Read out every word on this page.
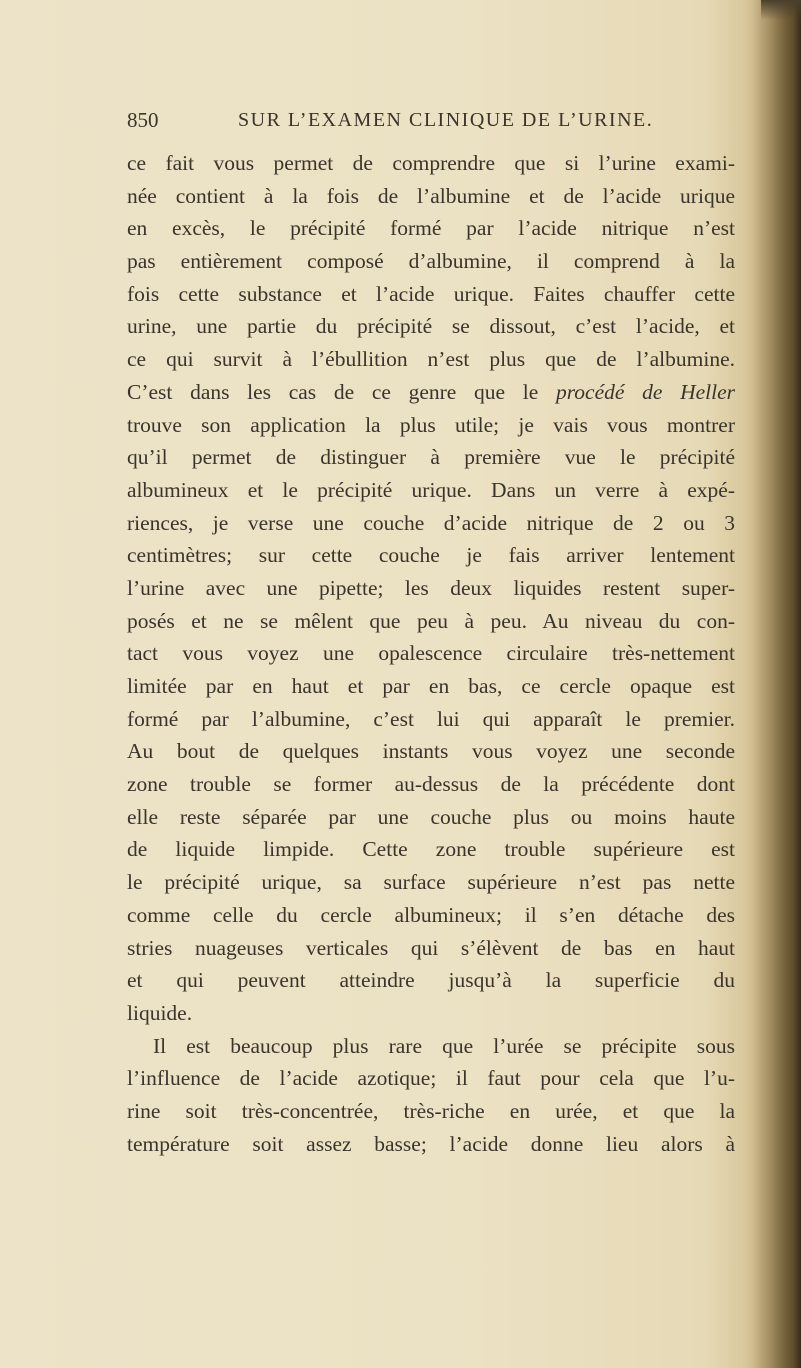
850	SUR L’EXAMEN CLINIQUE DE L’URINE.
ce fait vous permet de comprendre que si l’urine exami-
née contient à la fois de l’albumine et de l’acide urique
en excès, le précipité formé par l’acide nitrique n’est
pas entièrement composé d’albumine, il comprend à la
fois cette substance et l’acide urique. Faites chauffer cette
urine, une partie du précipité se dissout, c’est l’acide, et
ce qui survit à l’ébullition n’est plus que de l’albumine.
C’est dans les cas de ce genre que le procédé de Heller
trouve son application la plus utile; je vais vous montrer
qu’il permet de distinguer à première vue le précipité
albumineux et le précipité urique. Dans un verre à expé-
riences, je verse une couche d’acide nitrique de 2 ou 3
centimètres; sur cette couche je fais arriver lentement
l’urine avec une pipette; les deux liquides restent super-
posés et ne se mêlent que peu à peu. Au niveau du con-
tact vous voyez une opalescence circulaire très-nettement
limitée par en haut et par en bas, ce cercle opaque est
formé par l’albumine, c’est lui qui apparaît le premier.
Au bout de quelques instants vous voyez une seconde
zone trouble se former au-dessus de la précédente dont
elle reste séparée par une couche plus ou moins haute
de liquide limpide. Cette zone trouble supérieure est
le précipité urique, sa surface supérieure n’est pas nette
comme celle du cercle albumineux; il s’en détache des
stries nuageuses verticales qui s’élèvent de bas en haut
et qui peuvent atteindre jusqu’à la superficie du
liquide.
Il est beaucoup plus rare que l’urée se précipite sous
l’influence de l’acide azotique; il faut pour cela que l’u-
rine soit très-concentrée, très-riche en urée, et que la
température soit assez basse; l’acide donne lieu alors à
